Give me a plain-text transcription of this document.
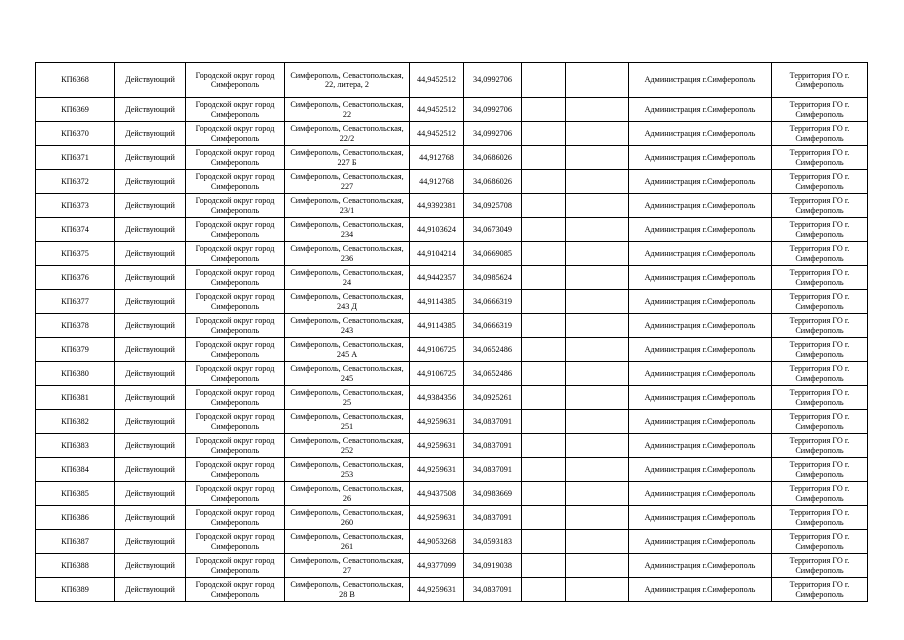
КП6368	Действующий	Городской округ город Симферополь	Симферополь, Севастопольская, 22, литера, 2	44,9452512	34,0992706			Администрация г.Симферополь	Территория ГО г. Симферополь
КП6369	Действующий	Городской округ город Симферополь	Симферополь, Севастопольская, 22	44,9452512	34,0992706			Администрация г.Симферополь	Территория ГО г. Симферополь
КП6370	Действующий	Городской округ город Симферополь	Симферополь, Севастопольская, 22/2	44,9452512	34,0992706			Администрация г.Симферополь	Территория ГО г. Симферополь
КП6371	Действующий	Городской округ город Симферополь	Симферополь, Севастопольская, 227 Б	44,912768	34,0686026			Администрация г.Симферополь	Территория ГО г. Симферополь
КП6372	Действующий	Городской округ город Симферополь	Симферополь, Севастопольская, 227	44,912768	34,0686026			Администрация г.Симферополь	Территория ГО г. Симферополь
КП6373	Действующий	Городской округ город Симферополь	Симферополь, Севастопольская, 23/1	44,9392381	34,0925708			Администрация г.Симферополь	Территория ГО г. Симферополь
КП6374	Действующий	Городской округ город Симферополь	Симферополь, Севастопольская, 234	44,9103624	34,0673049			Администрация г.Симферополь	Территория ГО г. Симферополь
КП6375	Действующий	Городской округ город Симферополь	Симферополь, Севастопольская, 236	44,9104214	34,0669085			Администрация г.Симферополь	Территория ГО г. Симферополь
КП6376	Действующий	Городской округ город Симферополь	Симферополь, Севастопольская, 24	44,9442357	34,0985624			Администрация г.Симферополь	Территория ГО г. Симферополь
КП6377	Действующий	Городской округ город Симферополь	Симферополь, Севастопольская, 243 Д	44,9114385	34,0666319			Администрация г.Симферополь	Территория ГО г. Симферополь
КП6378	Действующий	Городской округ город Симферополь	Симферополь, Севастопольская, 243	44,9114385	34,0666319			Администрация г.Симферополь	Территория ГО г. Симферополь
КП6379	Действующий	Городской округ город Симферополь	Симферополь, Севастопольская, 245 А	44,9106725	34,0652486			Администрация г.Симферополь	Территория ГО г. Симферополь
КП6380	Действующий	Городской округ город Симферополь	Симферополь, Севастопольская, 245	44,9106725	34,0652486			Администрация г.Симферополь	Территория ГО г. Симферополь
КП6381	Действующий	Городской округ город Симферополь	Симферополь, Севастопольская, 25	44,9384356	34,0925261			Администрация г.Симферополь	Территория ГО г. Симферополь
КП6382	Действующий	Городской округ город Симферополь	Симферополь, Севастопольская, 251	44,9259631	34,0837091			Администрация г.Симферополь	Территория ГО г. Симферополь
КП6383	Действующий	Городской округ город Симферополь	Симферополь, Севастопольская, 252	44,9259631	34,0837091			Администрация г.Симферополь	Территория ГО г. Симферополь
КП6384	Действующий	Городской округ город Симферополь	Симферополь, Севастопольская, 253	44,9259631	34,0837091			Администрация г.Симферополь	Территория ГО г. Симферополь
КП6385	Действующий	Городской округ город Симферополь	Симферополь, Севастопольская, 26	44,9437508	34,0983669			Администрация г.Симферополь	Территория ГО г. Симферополь
КП6386	Действующий	Городской округ город Симферополь	Симферополь, Севастопольская, 260	44,9259631	34,0837091			Администрация г.Симферополь	Территория ГО г. Симферополь
КП6387	Действующий	Городской округ город Симферополь	Симферополь, Севастопольская, 261	44,9053268	34,0593183			Администрация г.Симферополь	Территория ГО г. Симферополь
КП6388	Действующий	Городской округ город Симферополь	Симферополь, Севастопольская, 27	44,9377099	34,0919038			Администрация г.Симферополь	Территория ГО г. Симферополь
КП6389	Действующий	Городской округ город Симферополь	Симферополь, Севастопольская, 28 В	44,9259631	34,0837091			Администрация г.Симферополь	Территория ГО г. Симферополь
